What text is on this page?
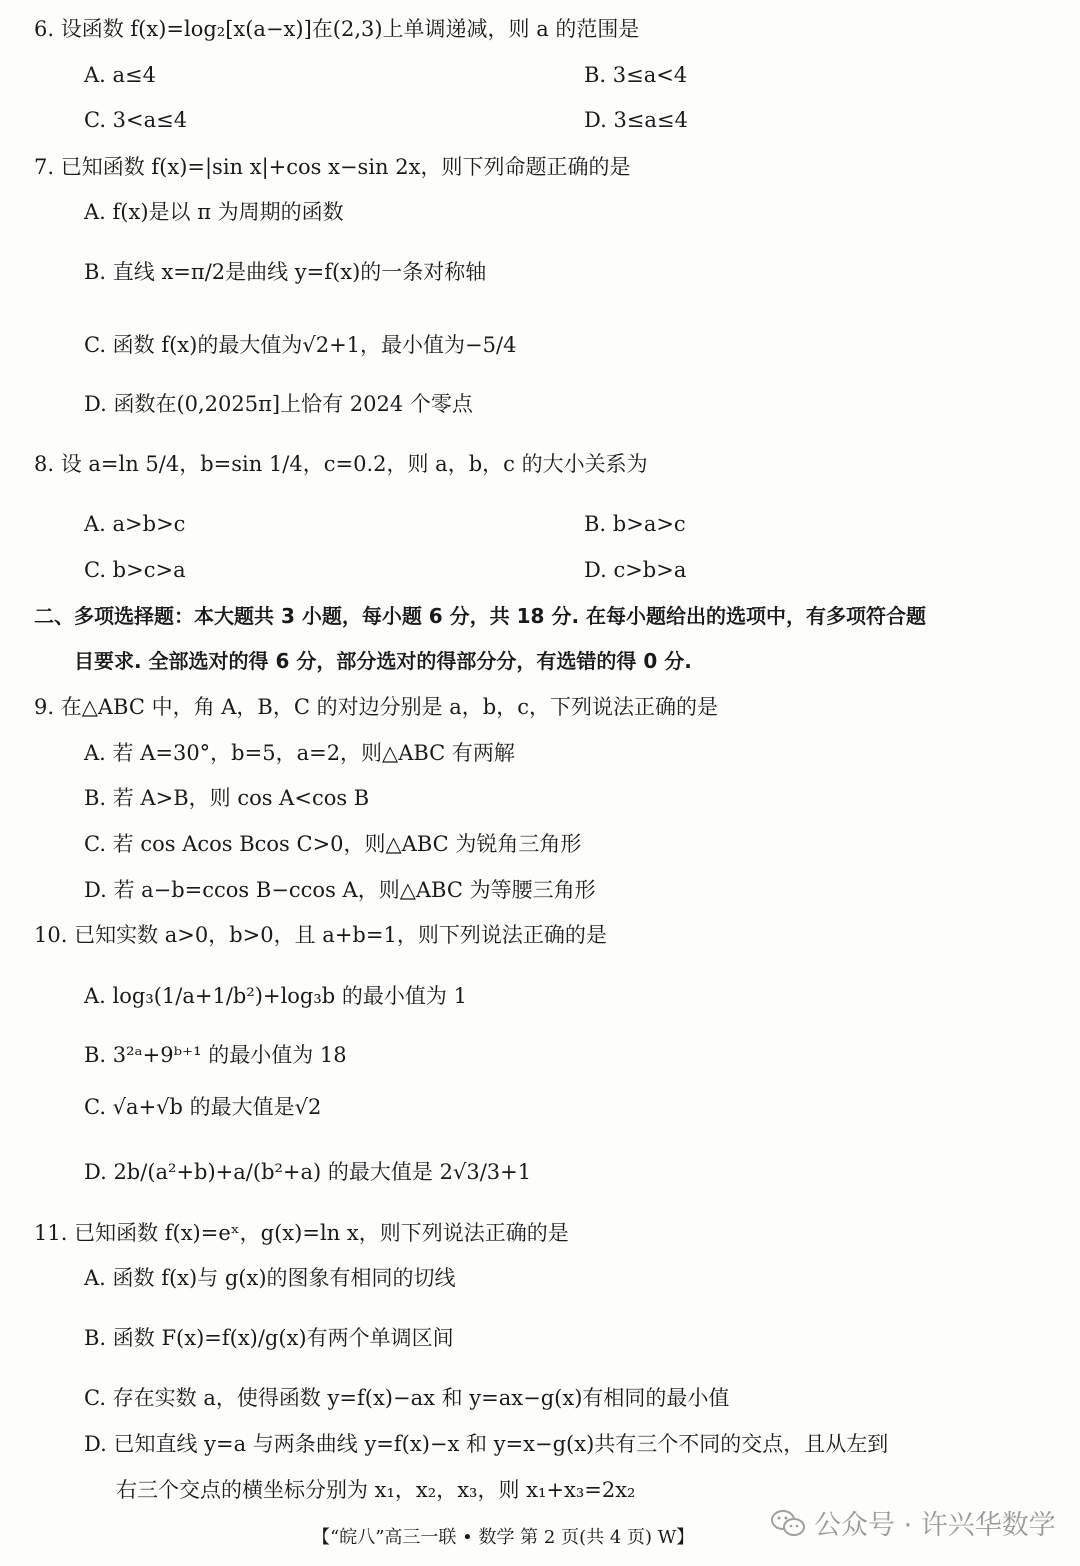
6. 设函数 f(x)=log₂[x(a−x)]在(2,3)上单调递减，则 a 的范围是
A. a≤4	B. 3≤a<4
C. 3<a≤4	D. 3≤a≤4
7. 已知函数 f(x)=|sin x|+cos x−sin 2x，则下列命题正确的是
A. f(x)是以 π 为周期的函数
B. 直线 x=π/2是曲线 y=f(x)的一条对称轴
C. 函数 f(x)的最大值为√2+1，最小值为−5/4
D. 函数在(0,2025π]上恰有 2024 个零点
8. 设 a=ln 5/4，b=sin 1/4，c=0.2，则 a，b，c 的大小关系为
A. a>b>c	B. b>a>c
C. b>c>a	D. c>b>a
二、多项选择题：本大题共 3 小题，每小题 6 分，共 18 分. 在每小题给出的选项中，有多项符合题
目要求. 全部选对的得 6 分，部分选对的得部分分，有选错的得 0 分.
9. 在△ABC 中，角 A，B，C 的对边分别是 a，b，c，下列说法正确的是
A. 若 A=30°，b=5，a=2，则△ABC 有两解
B. 若 A>B，则 cos A<cos B
C. 若 cos Acos Bcos C>0，则△ABC 为锐角三角形
D. 若 a−b=ccos B−ccos A，则△ABC 为等腰三角形
10. 已知实数 a>0，b>0，且 a+b=1，则下列说法正确的是
A. log₃(1/a+1/b²)+log₃b 的最小值为 1
B. 3²ᵃ+9ᵇ⁺¹ 的最小值为 18
C. √a+√b 的最大值是√2
D. 2b/(a²+b)+a/(b²+a) 的最大值是 2√3/3+1
11. 已知函数 f(x)=eˣ，g(x)=ln x，则下列说法正确的是
A. 函数 f(x)与 g(x)的图象有相同的切线
B. 函数 F(x)=f(x)/g(x)有两个单调区间
C. 存在实数 a，使得函数 y=f(x)−ax 和 y=ax−g(x)有相同的最小值
D. 已知直线 y=a 与两条曲线 y=f(x)−x 和 y=x−g(x)共有三个不同的交点，且从左到
右三个交点的横坐标分别为 x₁，x₂，x₃，则 x₁+x₃=2x₂
【“皖八”高三一联 • 数学 第 2 页(共 4 页) W】	公众号 · 许兴华数学
